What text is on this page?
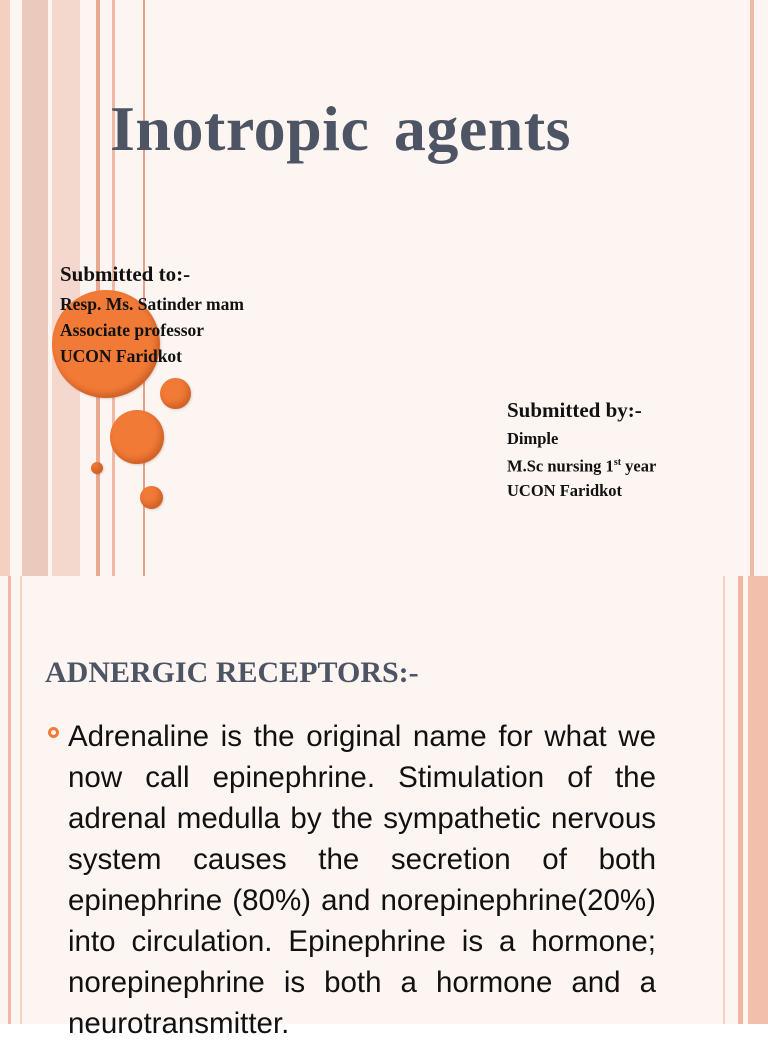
Inotropic agents

Submitted to:-

Resp. Ms. Satinder mam

Associate professor

UCON Faridkot

Submitted by:-

Dimple

M.Sc nursing 1st year

UCON Faridkot

ADNERGIC RECEPTORS:-

Adrenaline is the original name for what we now call epinephrine. Stimulation of the adrenal medulla by the sympathetic nervous system causes the secretion of both epinephrine (80%) and norepinephrine(20%) into circulation. Epinephrine is a hormone; norepinephrine is both a hormone and a neurotransmitter.
